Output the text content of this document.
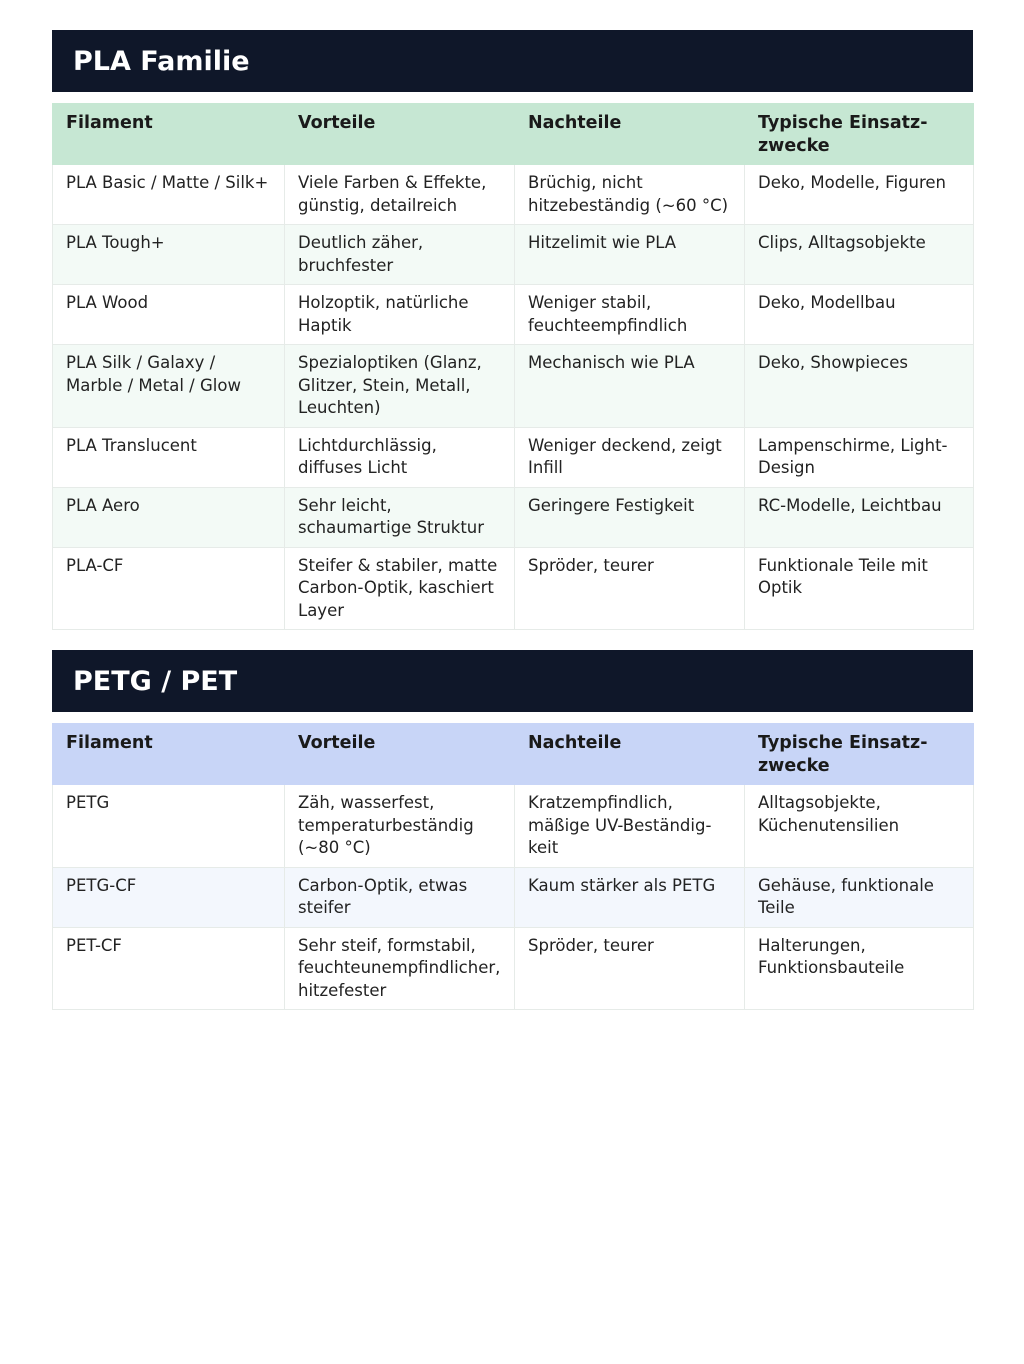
PLA Familie
Filament	Vorteile	Nachteile	Typische Einsatzzwecke
PLA Basic / Matte / Silk+	Viele Farben & Effekte, günstig, detailreich	Brüchig, nicht hitzebeständig (~60 °C)	Deko, Modelle, Figuren
PLA Tough+	Deutlich zäher, bruchfester	Hitzelimit wie PLA	Clips, Alltagsobjekte
PLA Wood	Holzoptik, natürliche Haptik	Weniger stabil, feuchteempfindlich	Deko, Modellbau
PLA Silk / Galaxy / Marble / Metal / Glow	Spezialoptiken (Glanz, Glitzer, Stein, Metall, Leuchten)	Mechanisch wie PLA	Deko, Showpieces
PLA Translucent	Lichtdurchlässig, diffuses Licht	Weniger deckend, zeigt Infill	Lampenschirme, Light-Design
PLA Aero	Sehr leicht, schaumartige Struktur	Geringere Festigkeit	RC-Modelle, Leichtbau
PLA-CF	Steifer & stabiler, matte Carbon-Optik, kaschiert Layer	Spröder, teurer	Funktionale Teile mit Optik
PETG / PET
Filament	Vorteile	Nachteile	Typische Einsatzzwecke
PETG	Zäh, wasserfest, temperaturbeständig (~80 °C)	Kratzempfindlich, mäßige UV-Beständigkeit	Alltagsobjekte, Küchenutensilien
PETG-CF	Carbon-Optik, etwas steifer	Kaum stärker als PETG	Gehäuse, funktionale Teile
PET-CF	Sehr steif, formstabil, feuchteunempfindlicher, hitzefester	Spröder, teurer	Halterungen, Funktionsbauteile
